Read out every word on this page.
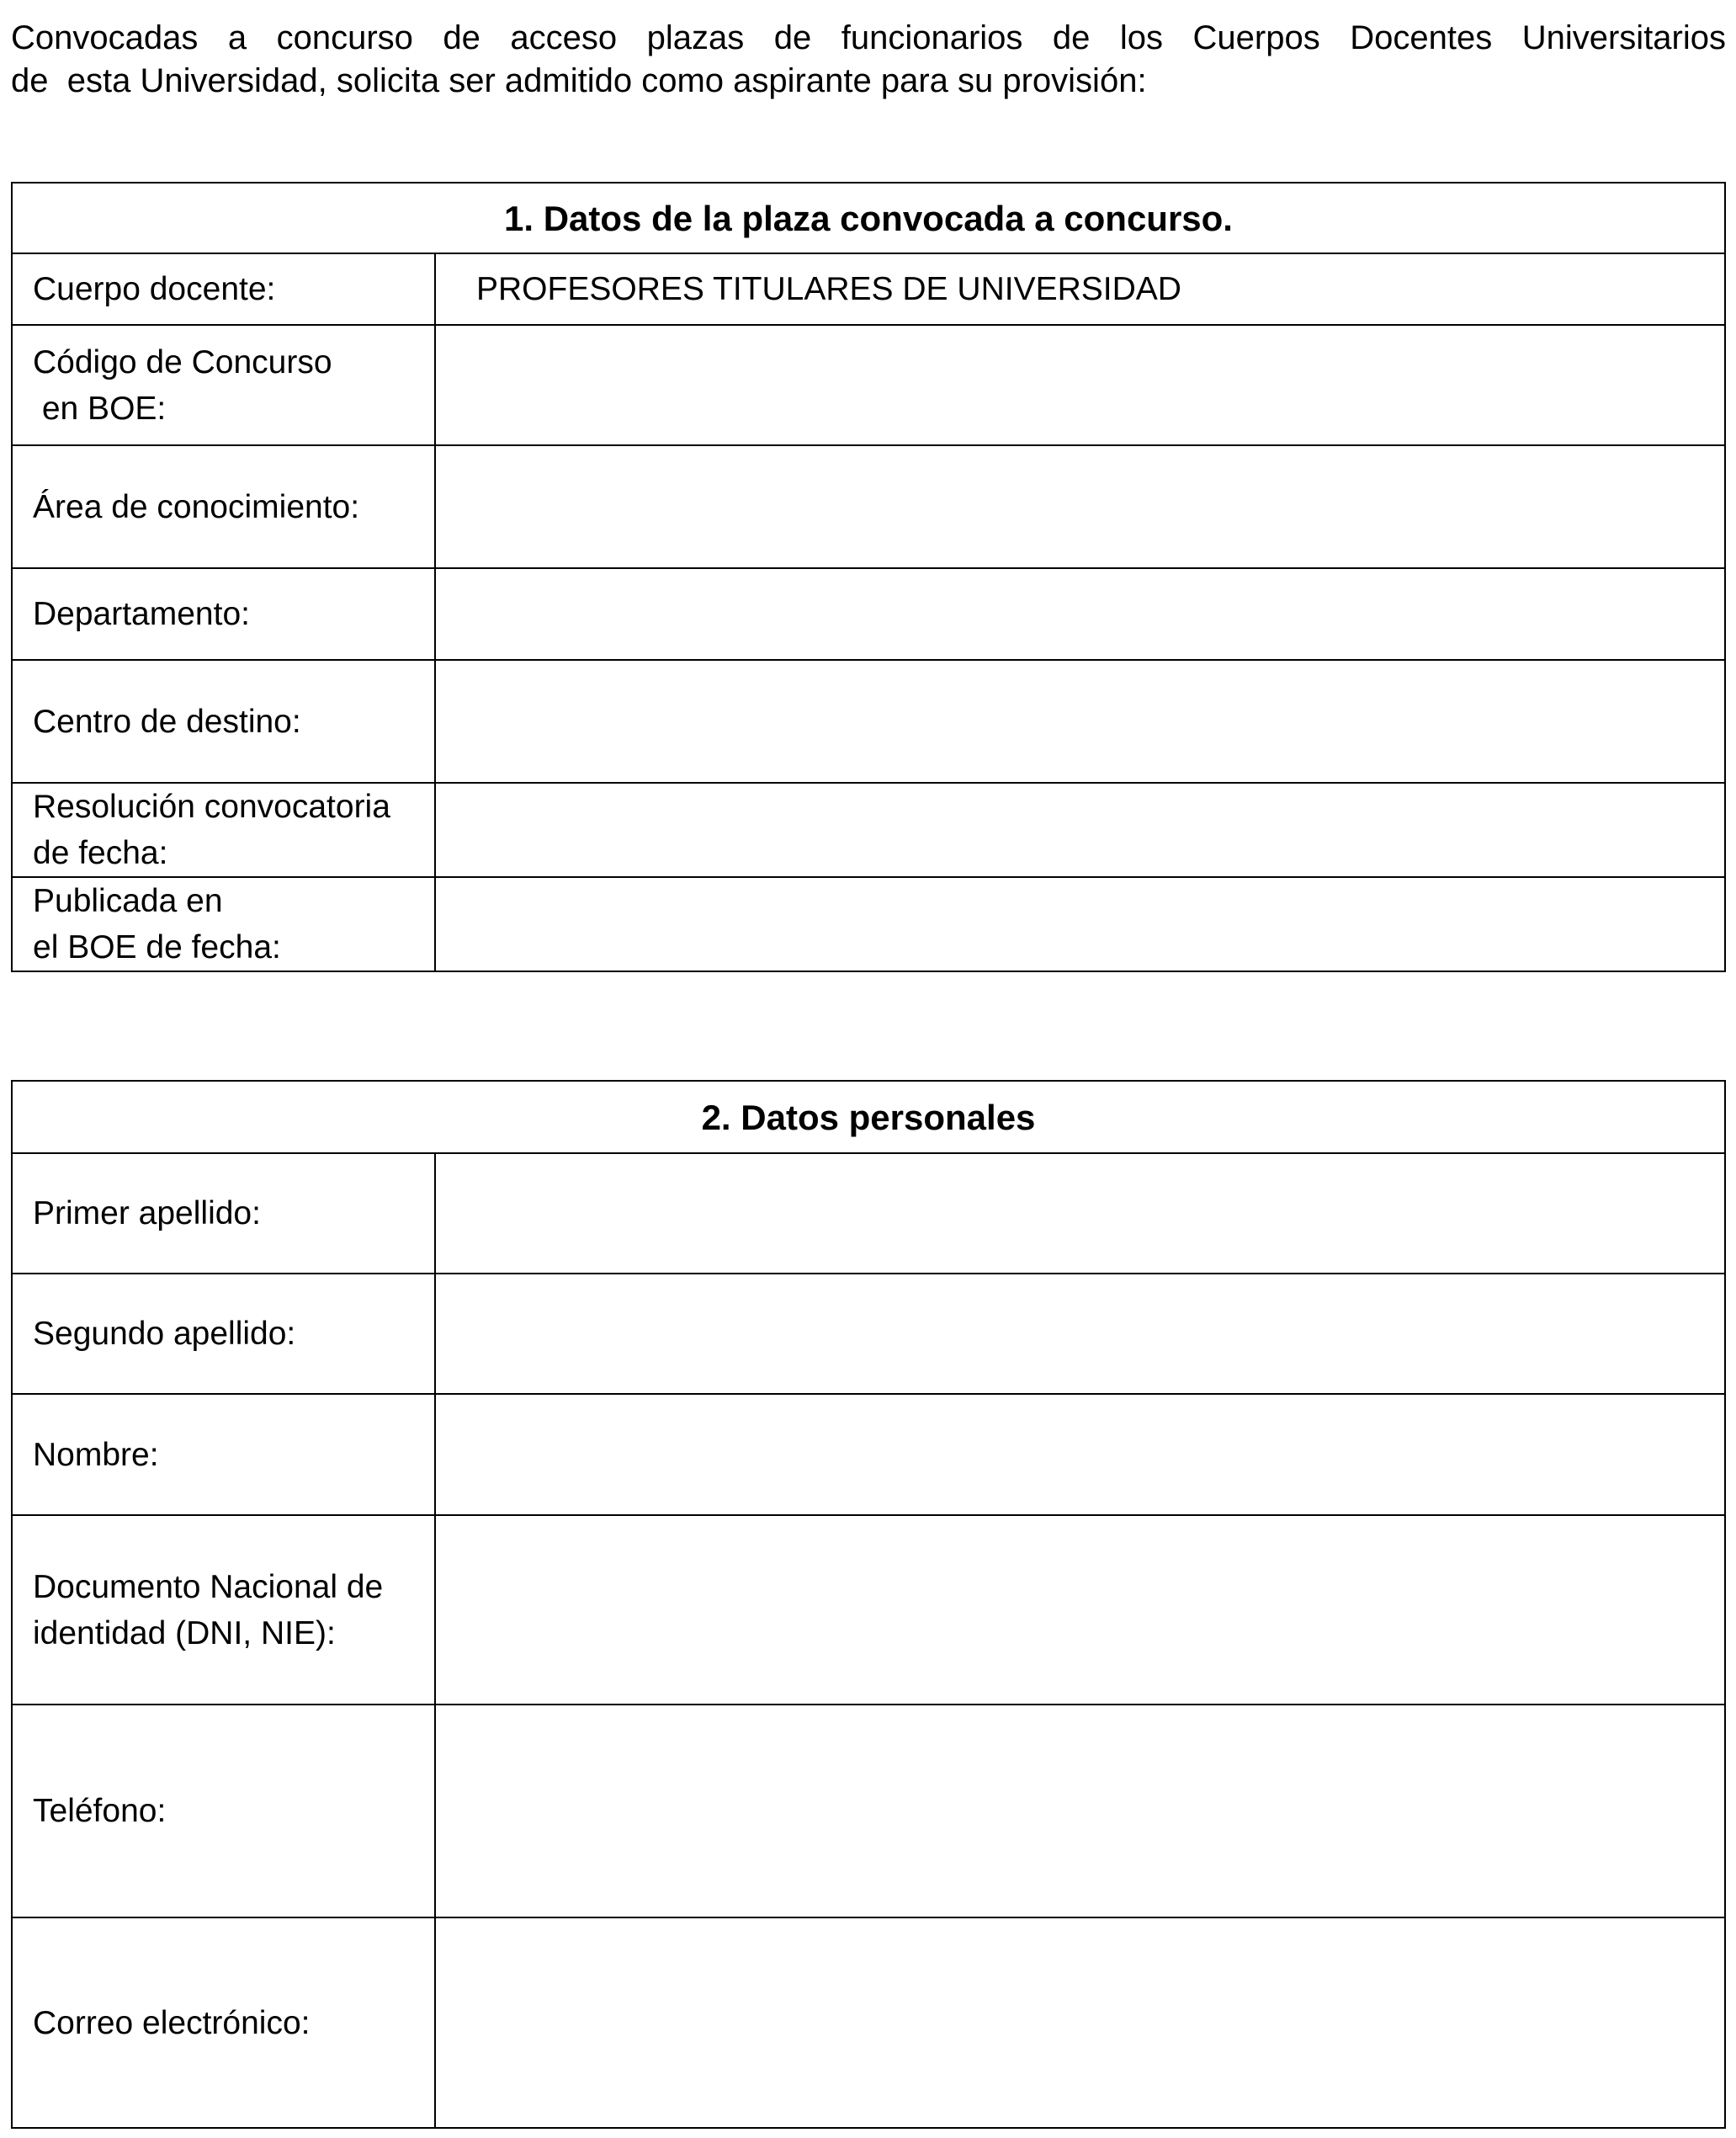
Convocadas a concurso de acceso plazas de funcionarios de los Cuerpos Docentes Universitarios
de  esta Universidad, solicita ser admitido como aspirante para su provisión:
1. Datos de la plaza convocada a concurso.	

Cuerpo docente:	PROFESORES TITULARES DE UNIVERSIDAD

Código de Concurso
en BOE:	

Área de conocimiento:	

Departamento:	

Centro de destino:	

Resolución convocatoria
de fecha:	

Publicada en
el BOE de fecha:	

2. Datos personales	

Primer apellido:	

Segundo apellido:	

Nombre:	

Documento Nacional de
identidad (DNI, NIE):	

Teléfono:	

Correo electrónico:	
